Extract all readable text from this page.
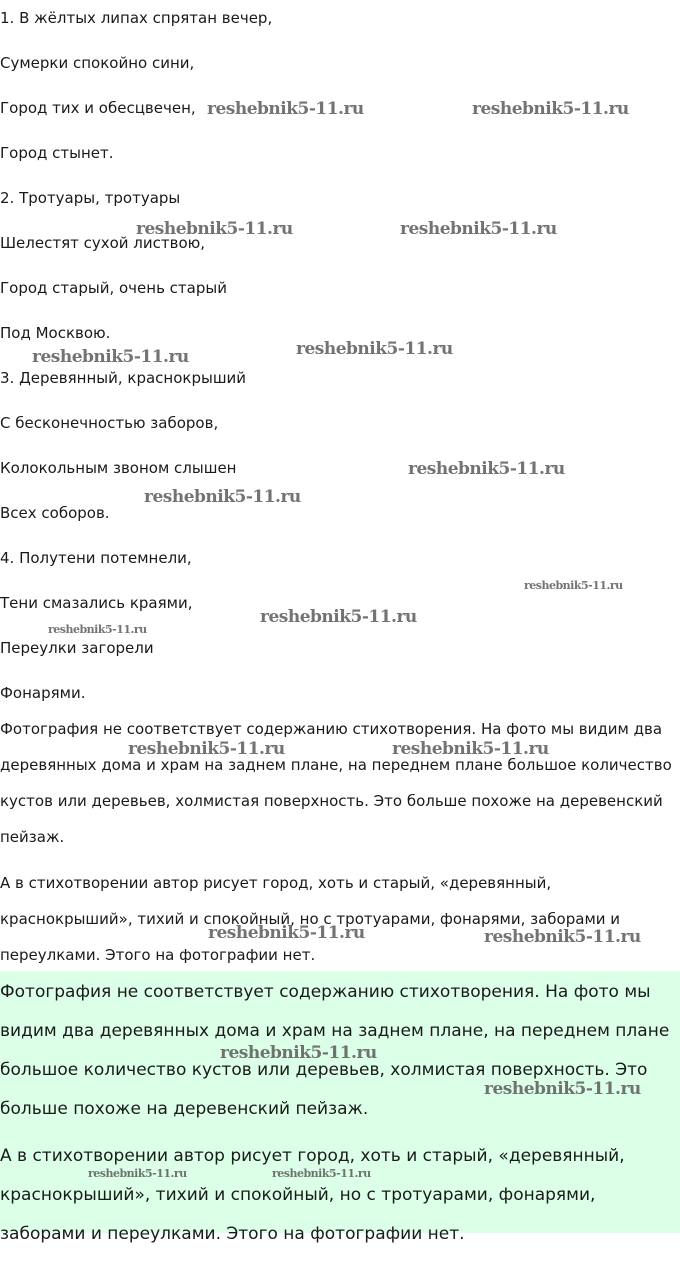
1. В жёлтых липах спрятан вечер,
Сумерки спокойно сини,
Город тих и обесцвечен,
Город стынет.
2. Тротуары, тротуары
Шелестят сухой листвою,
Город старый, очень старый
Под Москвою.
3. Деревянный, краснокрыший
С бесконечностью заборов,
Колокольным звоном слышен
Всех соборов.
4. Полутени потемнели,
Тени смазались краями,
Переулки загорели
Фонарями.
Фотография не соответствует содержанию стихотворения. На фото мы видим два деревянных дома и храм на заднем плане, на переднем плане большое количество кустов или деревьев, холмистая поверхность. Это больше похоже на деревенский пейзаж.
А в стихотворении автор рисует город, хоть и старый, «деревянный, краснокрыший», тихий и спокойный, но с тротуарами, фонарями, заборами и переулками. Этого на фотографии нет.
Фотография не соответствует содержанию стихотворения. На фото мы видим два деревянных дома и храм на заднем плане, на переднем плане большое количество кустов или деревьев, холмистая поверхность. Это больше похоже на деревенский пейзаж.
А в стихотворении автор рисует город, хоть и старый, «деревянный, краснокрыший», тихий и спокойный, но с тротуарами, фонарями, заборами и переулками. Этого на фотографии нет.
reshebnik5-11.ru	reshebnik5-11.ru
reshebnik5-11.ru	reshebnik5-11.ru
reshebnik5-11.ru	reshebnik5-11.ru
reshebnik5-11.ru
reshebnik5-11.ru
reshebnik5-11.ru
reshebnik5-11.ru
reshebnik5-11.ru
reshebnik5-11.ru	reshebnik5-11.ru
reshebnik5-11.ru	reshebnik5-11.ru
reshebnik5-11.ru
reshebnik5-11.ru
reshebnik5-11.ru	reshebnik5-11.ru
